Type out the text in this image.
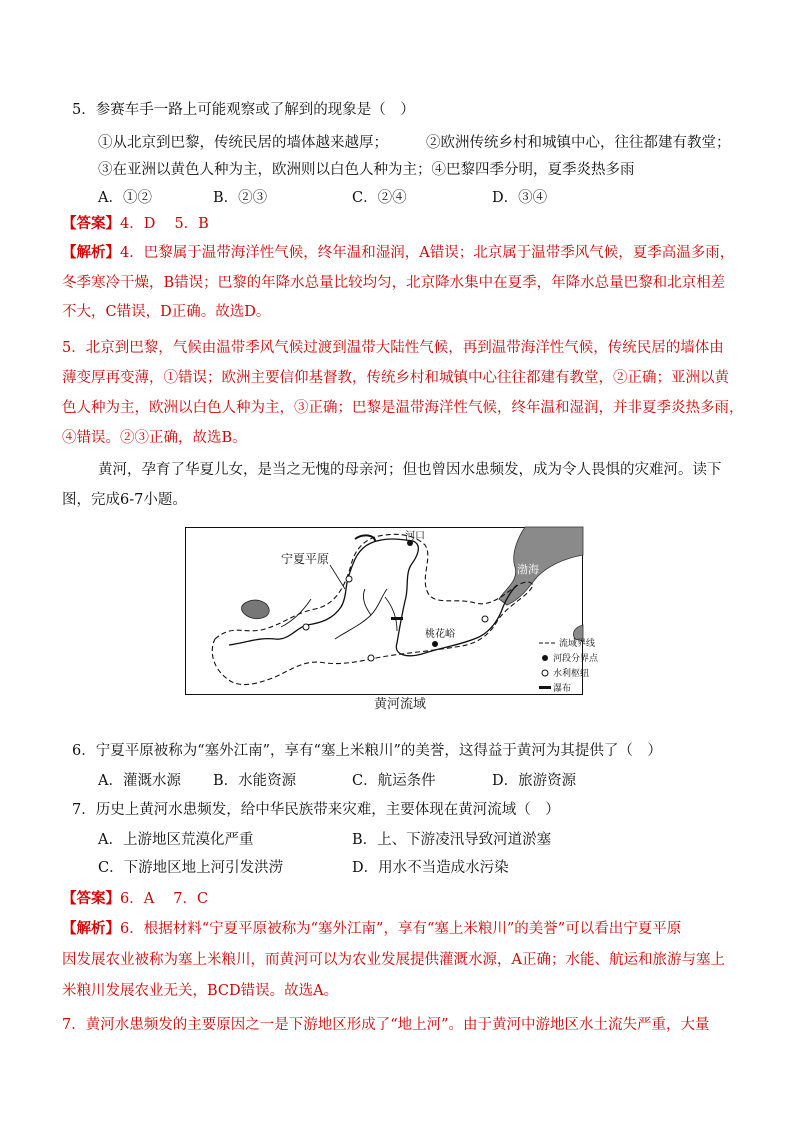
5．参赛车手一路上可能观察或了解到的现象是（　）
①从北京到巴黎，传统民居的墙体越来越厚；	②欧洲传统乡村和城镇中心，往往都建有教堂；
③在亚洲以黄色人种为主，欧洲则以白色人种为主；④巴黎四季分明，夏季炎热多雨
A．①②	B．②③	C．②④	D．③④
【答案】4．D　 5．B
【解析】4．巴黎属于温带海洋性气候，终年温和湿润，A错误；北京属于温带季风气候，夏季高温多雨，
冬季寒冷干燥，B错误；巴黎的年降水总量比较均匀，北京降水集中在夏季，年降水总量巴黎和北京相差
不大，C错误，D正确。故选D。
5．北京到巴黎，气候由温带季风气候过渡到温带大陆性气候，再到温带海洋性气候，传统民居的墙体由
薄变厚再变薄，①错误；欧洲主要信仰基督教，传统乡村和城镇中心往往都建有教堂，②正确；亚洲以黄
色人种为主，欧洲以白色人种为主，③正确；巴黎是温带海洋性气候，终年温和湿润，并非夏季炎热多雨，
④错误。②③正确，故选B。
黄河，孕育了华夏儿女，是当之无愧的母亲河；但也曾因水患频发，成为令人畏惧的灾难河。读下
图，完成6-7小题。
宁夏平原
河口
渤海
桃花峪
流域界线
河段分界点
水利枢纽
瀑布
黄河流域
6．宁夏平原被称为“塞外江南”，享有“塞上米粮川”的美誉，这得益于黄河为其提供了（　）
A．灌溉水源 B．水能资源	C．航运条件	D．旅游资源
7．历史上黄河水患频发，给中华民族带来灾难，主要体现在黄河流域（　）
A．上游地区荒漠化严重	B．上、下游凌汛导致河道淤塞
C．下游地区地上河引发洪涝	D．用水不当造成水污染
【答案】6．A　 7．C
【解析】6．根据材料“宁夏平原被称为“塞外江南”，享有“塞上米粮川”的美誉”可以看出宁夏平原
因发展农业被称为塞上米粮川，而黄河可以为农业发展提供灌溉水源，A正确；水能、航运和旅游与塞上
米粮川发展农业无关，BCD错误。故选A。
7．黄河水患频发的主要原因之一是下游地区形成了“地上河”。由于黄河中游地区水土流失严重，大量
